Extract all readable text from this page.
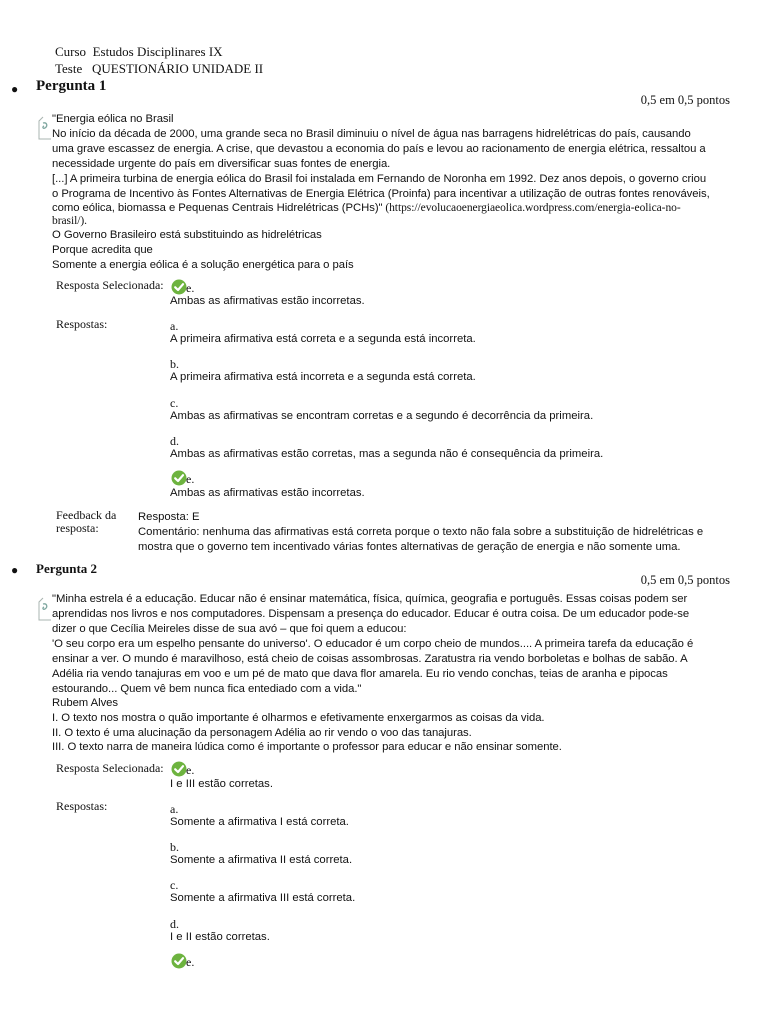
Curso Estudos Disciplinares IX
Teste QUESTIONÁRIO UNIDADE II
● Pergunta 1
0,5 em 0,5 pontos
"Energia eólica no Brasil
No início da década de 2000, uma grande seca no Brasil diminuiu o nível de água nas barragens hidrelétricas do país, causando
uma grave escassez de energia. A crise, que devastou a economia do país e levou ao racionamento de energia elétrica, ressaltou a
necessidade urgente do país em diversificar suas fontes de energia.
[...] A primeira turbina de energia eólica do Brasil foi instalada em Fernando de Noronha em 1992. Dez anos depois, o governo criou
o Programa de Incentivo às Fontes Alternativas de Energia Elétrica (Proinfa) para incentivar a utilização de outras fontes renováveis,
como eólica, biomassa e Pequenas Centrais Hidrelétricas (PCHs)" (https://evolucaoenergiaeolica.wordpress.com/energia-eolica-no-
brasil/).
O Governo Brasileiro está substituindo as hidrelétricas
Porque acredita que
Somente a energia eólica é a solução energética para o país
Resposta Selecionada: e.
Ambas as afirmativas estão incorretas.
Respostas:	a.
A primeira afirmativa está correta e a segunda está incorreta.
b.
A primeira afirmativa está incorreta e a segunda está correta.
c.
Ambas as afirmativas se encontram corretas e a segundo é decorrência da primeira.
d.
Ambas as afirmativas estão corretas, mas a segunda não é consequência da primeira.
e.
Ambas as afirmativas estão incorretas.
Feedback da
resposta:
Resposta: E
Comentário: nenhuma das afirmativas está correta porque o texto não fala sobre a substituição de hidrelétricas e
mostra que o governo tem incentivado várias fontes alternativas de geração de energia e não somente uma.
● Pergunta 2
0,5 em 0,5 pontos
"Minha estrela é a educação. Educar não é ensinar matemática, física, química, geografia e português. Essas coisas podem ser
aprendidas nos livros e nos computadores. Dispensam a presença do educador. Educar é outra coisa. De um educador pode-se
dizer o que Cecília Meireles disse de sua avó – que foi quem a educou:
'O seu corpo era um espelho pensante do universo'. O educador é um corpo cheio de mundos.... A primeira tarefa da educação é
ensinar a ver. O mundo é maravilhoso, está cheio de coisas assombrosas. Zaratustra ria vendo borboletas e bolhas de sabão. A
Adélia ria vendo tanajuras em voo e um pé de mato que dava flor amarela. Eu rio vendo conchas, teias de aranha e pipocas
estourando... Quem vê bem nunca fica entediado com a vida."
Rubem Alves
I. O texto nos mostra o quão importante é olharmos e efetivamente enxergarmos as coisas da vida.
II. O texto é uma alucinação da personagem Adélia ao rir vendo o voo das tanajuras.
III. O texto narra de maneira lúdica como é importante o professor para educar e não ensinar somente.
Resposta Selecionada: e.
I e III estão corretas.
Respostas:	a.
Somente a afirmativa I está correta.
b.
Somente a afirmativa II está correta.
c.
Somente a afirmativa III está correta.
d.
I e II estão corretas.
e.
